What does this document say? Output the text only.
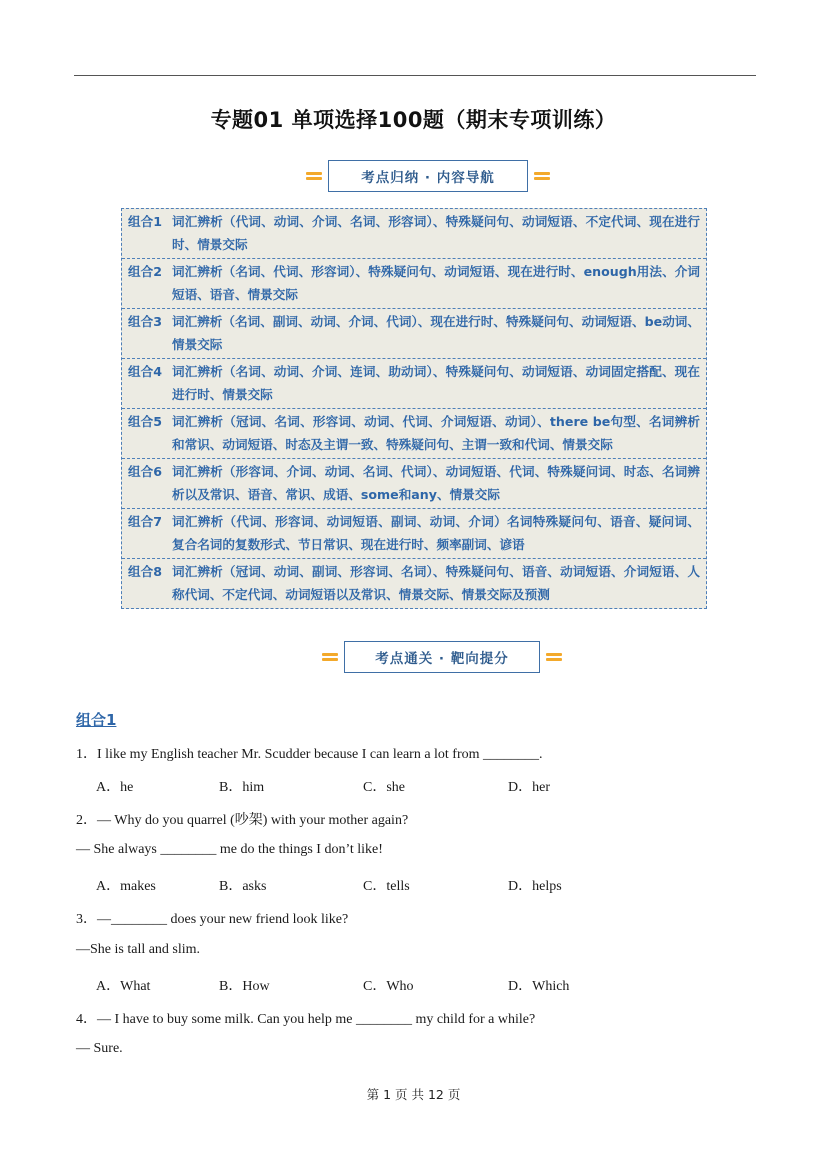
专题01 单项选择100题（期末专项训练）
考点归纳 · 内容导航
组合1 词汇辨析（代词、动词、介词、名词、形容词）、特殊疑问句、动词短语、不定代词、现在进行时、情景交际
组合2 词汇辨析（名词、代词、形容词）、特殊疑问句、动词短语、现在进行时、enough用法、介词短语、语音、情景交际
组合3 词汇辨析（名词、副词、动词、介词、代词）、现在进行时、特殊疑问句、动词短语、be动词、情景交际
组合4 词汇辨析（名词、动词、介词、连词、助动词）、特殊疑问句、动词短语、动词固定搭配、现在进行时、情景交际
组合5 词汇辨析（冠词、名词、形容词、动词、代词、介词短语、动词）、there be句型、名词辨析和常识、动词短语、时态及主谓一致、特殊疑问句、主谓一致和代词、情景交际
组合6 词汇辨析（形容词、介词、动词、名词、代词）、动词短语、代词、特殊疑问词、时态、名词辨析以及常识、语音、常识、成语、some和any、情景交际
组合7 词汇辨析（代词、形容词、动词短语、副词、动词、介词）名词特殊疑问句、语音、疑问词、复合名词的复数形式、节日常识、现在进行时、频率副词、谚语
组合8 词汇辨析（冠词、动词、副词、形容词、名词）、特殊疑问句、语音、动词短语、介词短语、人称代词、不定代词、动词短语以及常识、情景交际、情景交际及预测
考点通关 · 靶向提分
组合1
1．I like my English teacher Mr. Scudder because I can learn a lot from ________.
A．he	B．him	C．she	D．her
2．— Why do you quarrel (吵架) with your mother again?
— She always ________ me do the things I don’t like!
A．makes	B．asks	C．tells	D．helps
3．—________ does your new friend look like?
—She is tall and slim.
A．What	B．How	C．Who	D．Which
4．— I have to buy some milk. Can you help me ________ my child for a while?
— Sure.
第 1 页 共 12 页
